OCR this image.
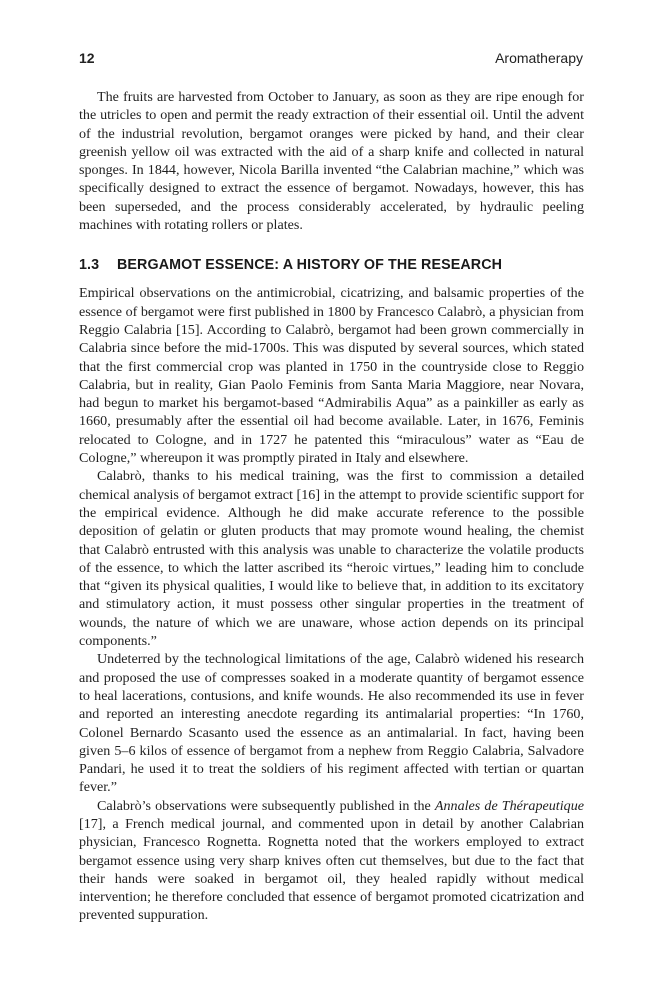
12	Aromatherapy

The fruits are harvested from October to January, as soon as they are ripe enough for the utricles to open and permit the ready extraction of their essential oil. Until the advent of the industrial revolution, bergamot oranges were picked by hand, and their clear greenish yellow oil was extracted with the aid of a sharp knife and collected in natural sponges. In 1844, however, Nicola Barilla invented “the Calabrian machine,” which was specifically designed to extract the essence of bergamot. Nowadays, however, this has been superseded, and the process considerably accelerated, by hydraulic peeling machines with rotating rollers or plates.

1.3 BERGAMOT ESSENCE: A HISTORY OF THE RESEARCH

Empirical observations on the antimicrobial, cicatrizing, and balsamic properties of the essence of bergamot were first published in 1800 by Francesco Calabrò, a physician from Reggio Calabria [15]. According to Calabrò, bergamot had been grown commercially in Calabria since before the mid-1700s. This was disputed by several sources, which stated that the first commercial crop was planted in 1750 in the countryside close to Reggio Calabria, but in reality, Gian Paolo Feminis from Santa Maria Maggiore, near Novara, had begun to market his bergamot-based “Admirabilis Aqua” as a painkiller as early as 1660, presumably after the essential oil had become available. Later, in 1676, Feminis relocated to Cologne, and in 1727 he patented this “miraculous” water as “Eau de Cologne,” whereupon it was promptly pirated in Italy and elsewhere.

Calabrò, thanks to his medical training, was the first to commission a detailed chemical analysis of bergamot extract [16] in the attempt to provide scientific support for the empirical evidence. Although he did make accurate reference to the possible deposition of gelatin or gluten products that may promote wound healing, the chemist that Calabrò entrusted with this analysis was unable to characterize the volatile products of the essence, to which the latter ascribed its “heroic virtues,” leading him to conclude that “given its physical qualities, I would like to believe that, in addition to its excitatory and stimulatory action, it must possess other singular properties in the treatment of wounds, the nature of which we are unaware, whose action depends on its principal components.”

Undeterred by the technological limitations of the age, Calabrò widened his research and proposed the use of compresses soaked in a moderate quantity of bergamot essence to heal lacerations, contusions, and knife wounds. He also recommended its use in fever and reported an interesting anecdote regarding its antimalarial properties: “In 1760, Colonel Bernardo Scasanto used the essence as an antimalarial. In fact, having been given 5–6 kilos of essence of bergamot from a nephew from Reggio Calabria, Salvadore Pandari, he used it to treat the soldiers of his regiment affected with tertian or quartan fever.”

Calabrò’s observations were subsequently published in the Annales de Thérapeutique [17], a French medical journal, and commented upon in detail by another Calabrian physician, Francesco Rognetta. Rognetta noted that the workers employed to extract bergamot essence using very sharp knives often cut themselves, but due to the fact that their hands were soaked in bergamot oil, they healed rapidly without medical intervention; he therefore concluded that essence of bergamot promoted cicatrization and prevented suppuration.
